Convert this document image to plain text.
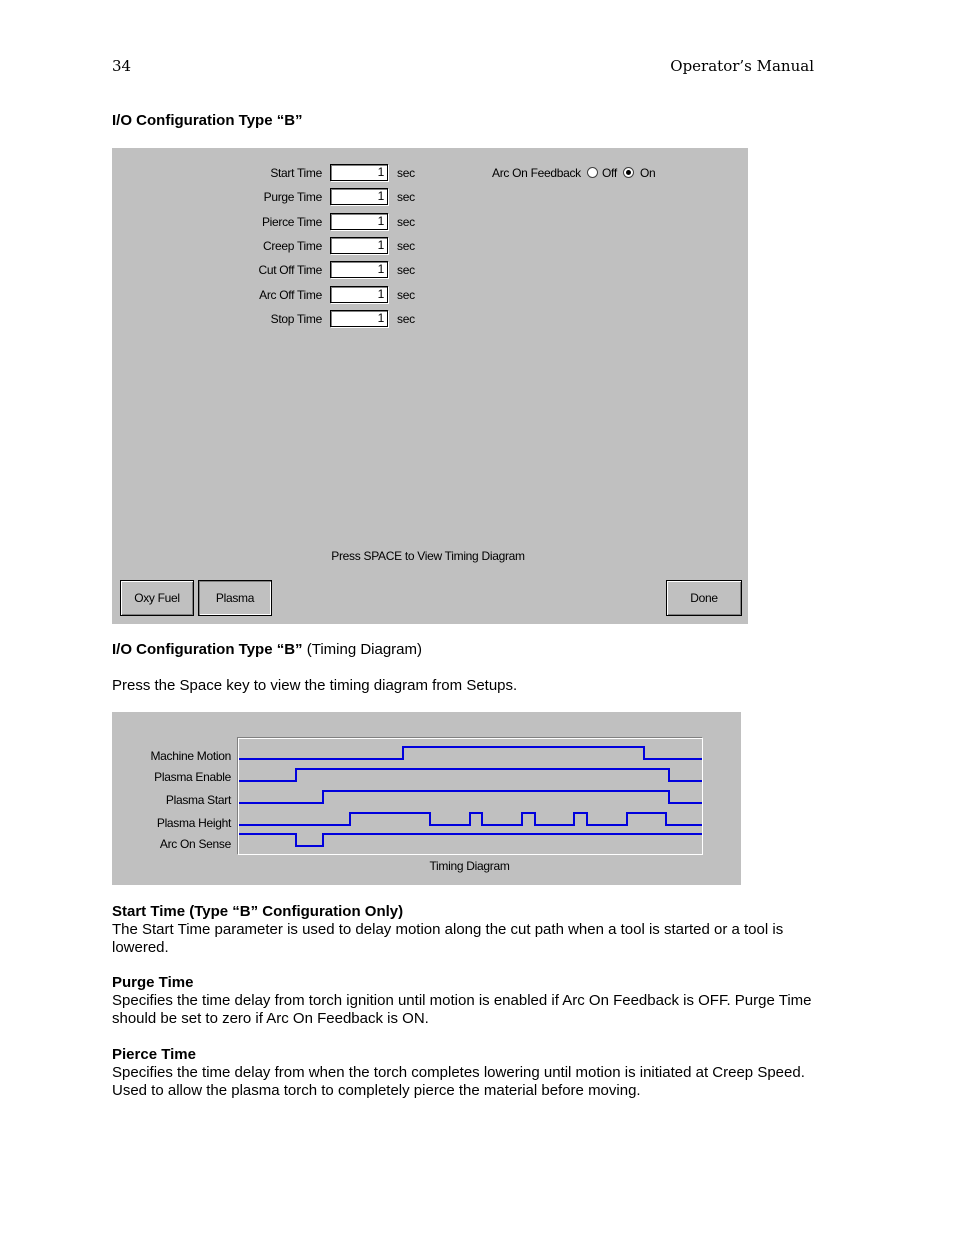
34	Operator’s Manual
I/O Configuration Type “B”
Start Time	1	sec
Purge Time	1	sec
Pierce Time	1	sec
Creep Time	1	sec
Cut Off Time	1	sec
Arc Off Time	1	sec
Stop Time	1	sec
Arc On Feedback Off On
Press SPACE to View Timing Diagram
Oxy Fuel	Plasma	Done
I/O Configuration Type “B” (Timing Diagram)
Press the Space key to view the timing diagram from Setups.
Machine Motion
Plasma Enable
Plasma Start
Plasma Height
Arc On Sense
Timing Diagram
Start Time (Type “B” Configuration Only)
The Start Time parameter is used to delay motion along the cut path when a tool is started or a tool is lowered.
Purge Time
Specifies the time delay from torch ignition until motion is enabled if Arc On Feedback is OFF. Purge Time should be set to zero if Arc On Feedback is ON.
Pierce Time
Specifies the time delay from when the torch completes lowering until motion is initiated at Creep Speed. Used to allow the plasma torch to completely pierce the material before moving.
